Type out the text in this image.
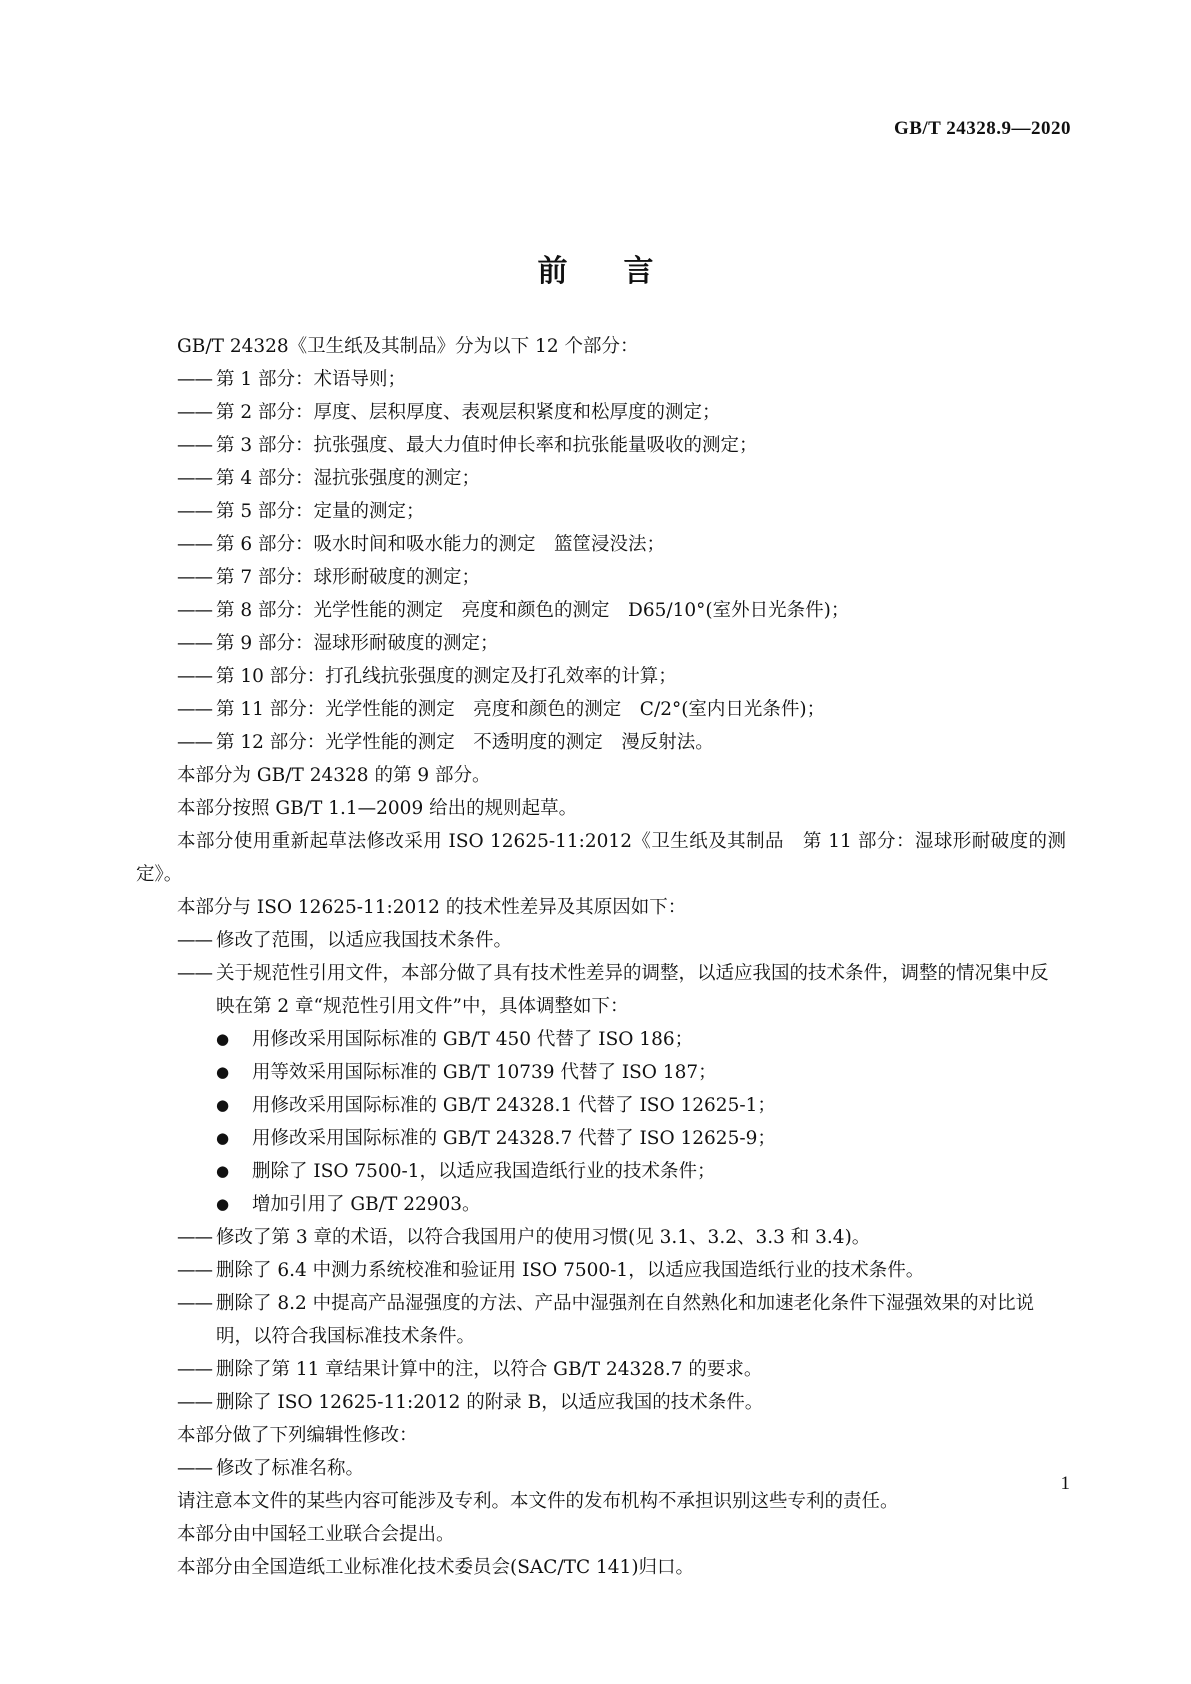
GB/T 24328.9—2020
前言

GB/T 24328《卫生纸及其制品》分为以下 12 个部分：

—— 第 1 部分：术语导则；
—— 第 2 部分：厚度、层积厚度、表观层积紧度和松厚度的测定；
—— 第 3 部分：抗张强度、最大力值时伸长率和抗张能量吸收的测定；
—— 第 4 部分：湿抗张强度的测定；
—— 第 5 部分：定量的测定；
—— 第 6 部分：吸水时间和吸水能力的测定　篮筐浸没法；
—— 第 7 部分：球形耐破度的测定；
—— 第 8 部分：光学性能的测定　亮度和颜色的测定　D65/10°(室外日光条件)；
—— 第 9 部分：湿球形耐破度的测定；
—— 第 10 部分：打孔线抗张强度的测定及打孔效率的计算；
—— 第 11 部分：光学性能的测定　亮度和颜色的测定　C/2°(室内日光条件)；
—— 第 12 部分：光学性能的测定　不透明度的测定　漫反射法。

本部分为 GB/T 24328 的第 9 部分。

本部分按照 GB/T 1.1—2009 给出的规则起草。

本部分使用重新起草法修改采用 ISO 12625-11:2012《卫生纸及其制品　第 11 部分：湿球形耐破度的测定》。

本部分与 ISO 12625-11:2012 的技术性差异及其原因如下：

—— 修改了范围，以适应我国技术条件。
—— 关于规范性引用文件，本部分做了具有技术性差异的调整，以适应我国的技术条件，调整的情况集中反映在第 2 章“规范性引用文件”中，具体调整如下：
●	用修改采用国际标准的 GB/T 450 代替了 ISO 186；
●	用等效采用国际标准的 GB/T 10739 代替了 ISO 187；
●	用修改采用国际标准的 GB/T 24328.1 代替了 ISO 12625-1；
●	用修改采用国际标准的 GB/T 24328.7 代替了 ISO 12625-9；
●	删除了 ISO 7500-1，以适应我国造纸行业的技术条件；
●	增加引用了 GB/T 22903。
—— 修改了第 3 章的术语，以符合我国用户的使用习惯(见 3.1、3.2、3.3 和 3.4)。
—— 删除了 6.4 中测力系统校准和验证用 ISO 7500-1，以适应我国造纸行业的技术条件。
—— 删除了 8.2 中提高产品湿强度的方法、产品中湿强剂在自然熟化和加速老化条件下湿强效果的对比说明，以符合我国标准技术条件。
—— 删除了第 11 章结果计算中的注，以符合 GB/T 24328.7 的要求。
—— 删除了 ISO 12625-11:2012 的附录 B，以适应我国的技术条件。

本部分做了下列编辑性修改：

—— 修改了标准名称。

请注意本文件的某些内容可能涉及专利。本文件的发布机构不承担识别这些专利的责任。

本部分由中国轻工业联合会提出。

本部分由全国造纸工业标准化技术委员会(SAC/TC 141)归口。

1
